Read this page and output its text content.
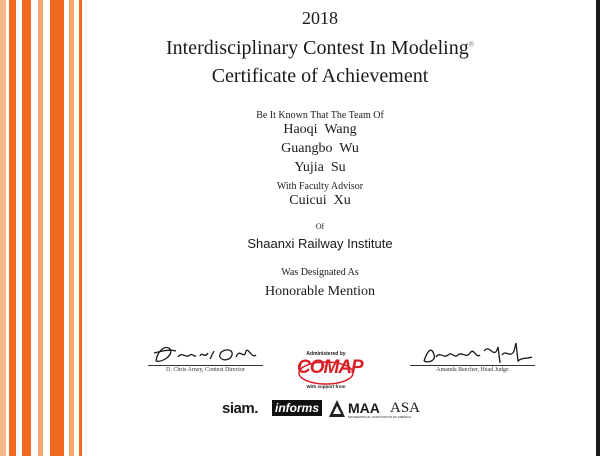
2018
Interdisciplinary Contest In Modeling®
Certificate of Achievement
Be It Known That The Team Of
Haoqi  Wang
Guangbo  Wu
Yujia  Su
With Faculty Advisor
Cuicui  Xu
Of
Shaanxi Railway Institute
Was Designated As
Honorable Mention
D. Chris Arney, Contest Director
Administered by
COMAP
With support from
Amanda Beecher, Head Judge
siam. informs MAA
MATHEMATICAL ASSOCIATION OF AMERICA
ASA
